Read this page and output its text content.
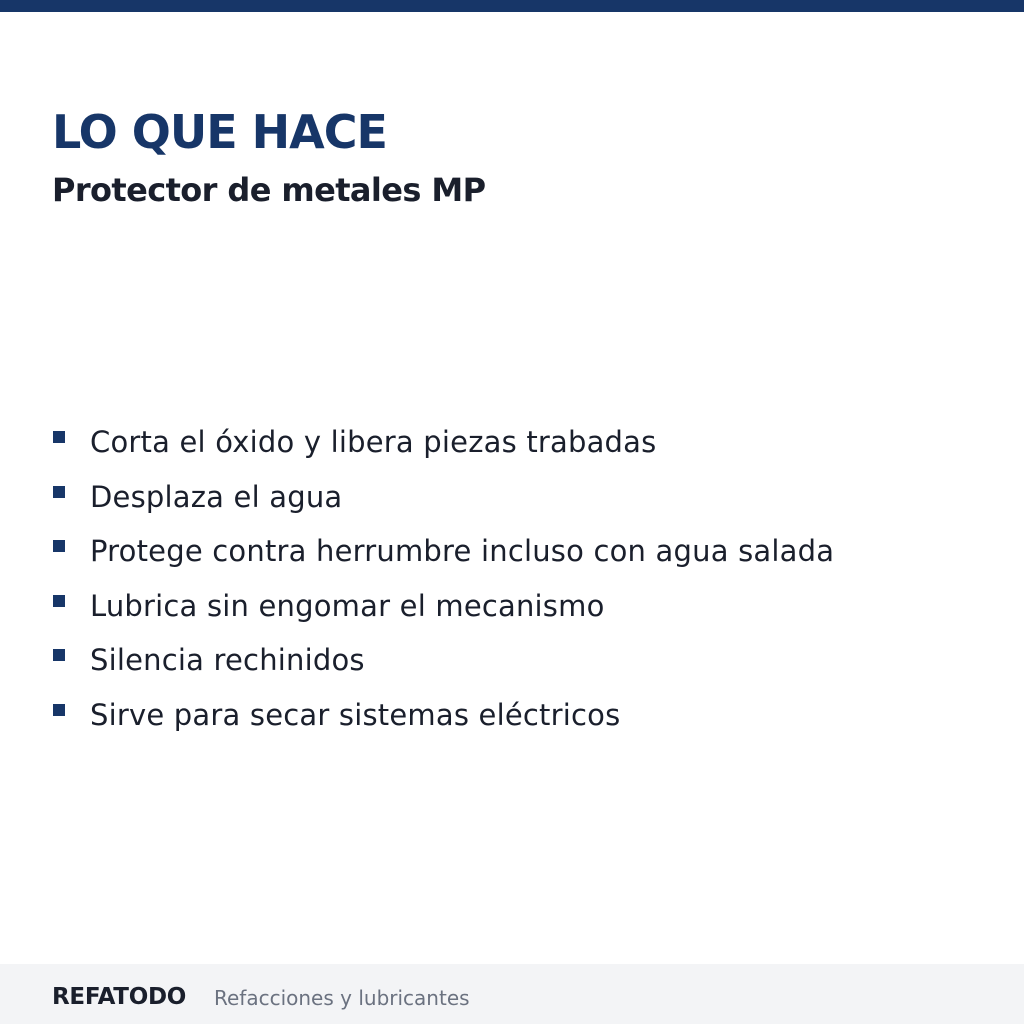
LO QUE HACE
Protector de metales MP
Corta el óxido y libera piezas trabadas
Desplaza el agua
Protege contra herrumbre incluso con agua salada
Lubrica sin engomar el mecanismo
Silencia rechinidos
Sirve para secar sistemas eléctricos
REFATODO Refacciones y lubricantes
